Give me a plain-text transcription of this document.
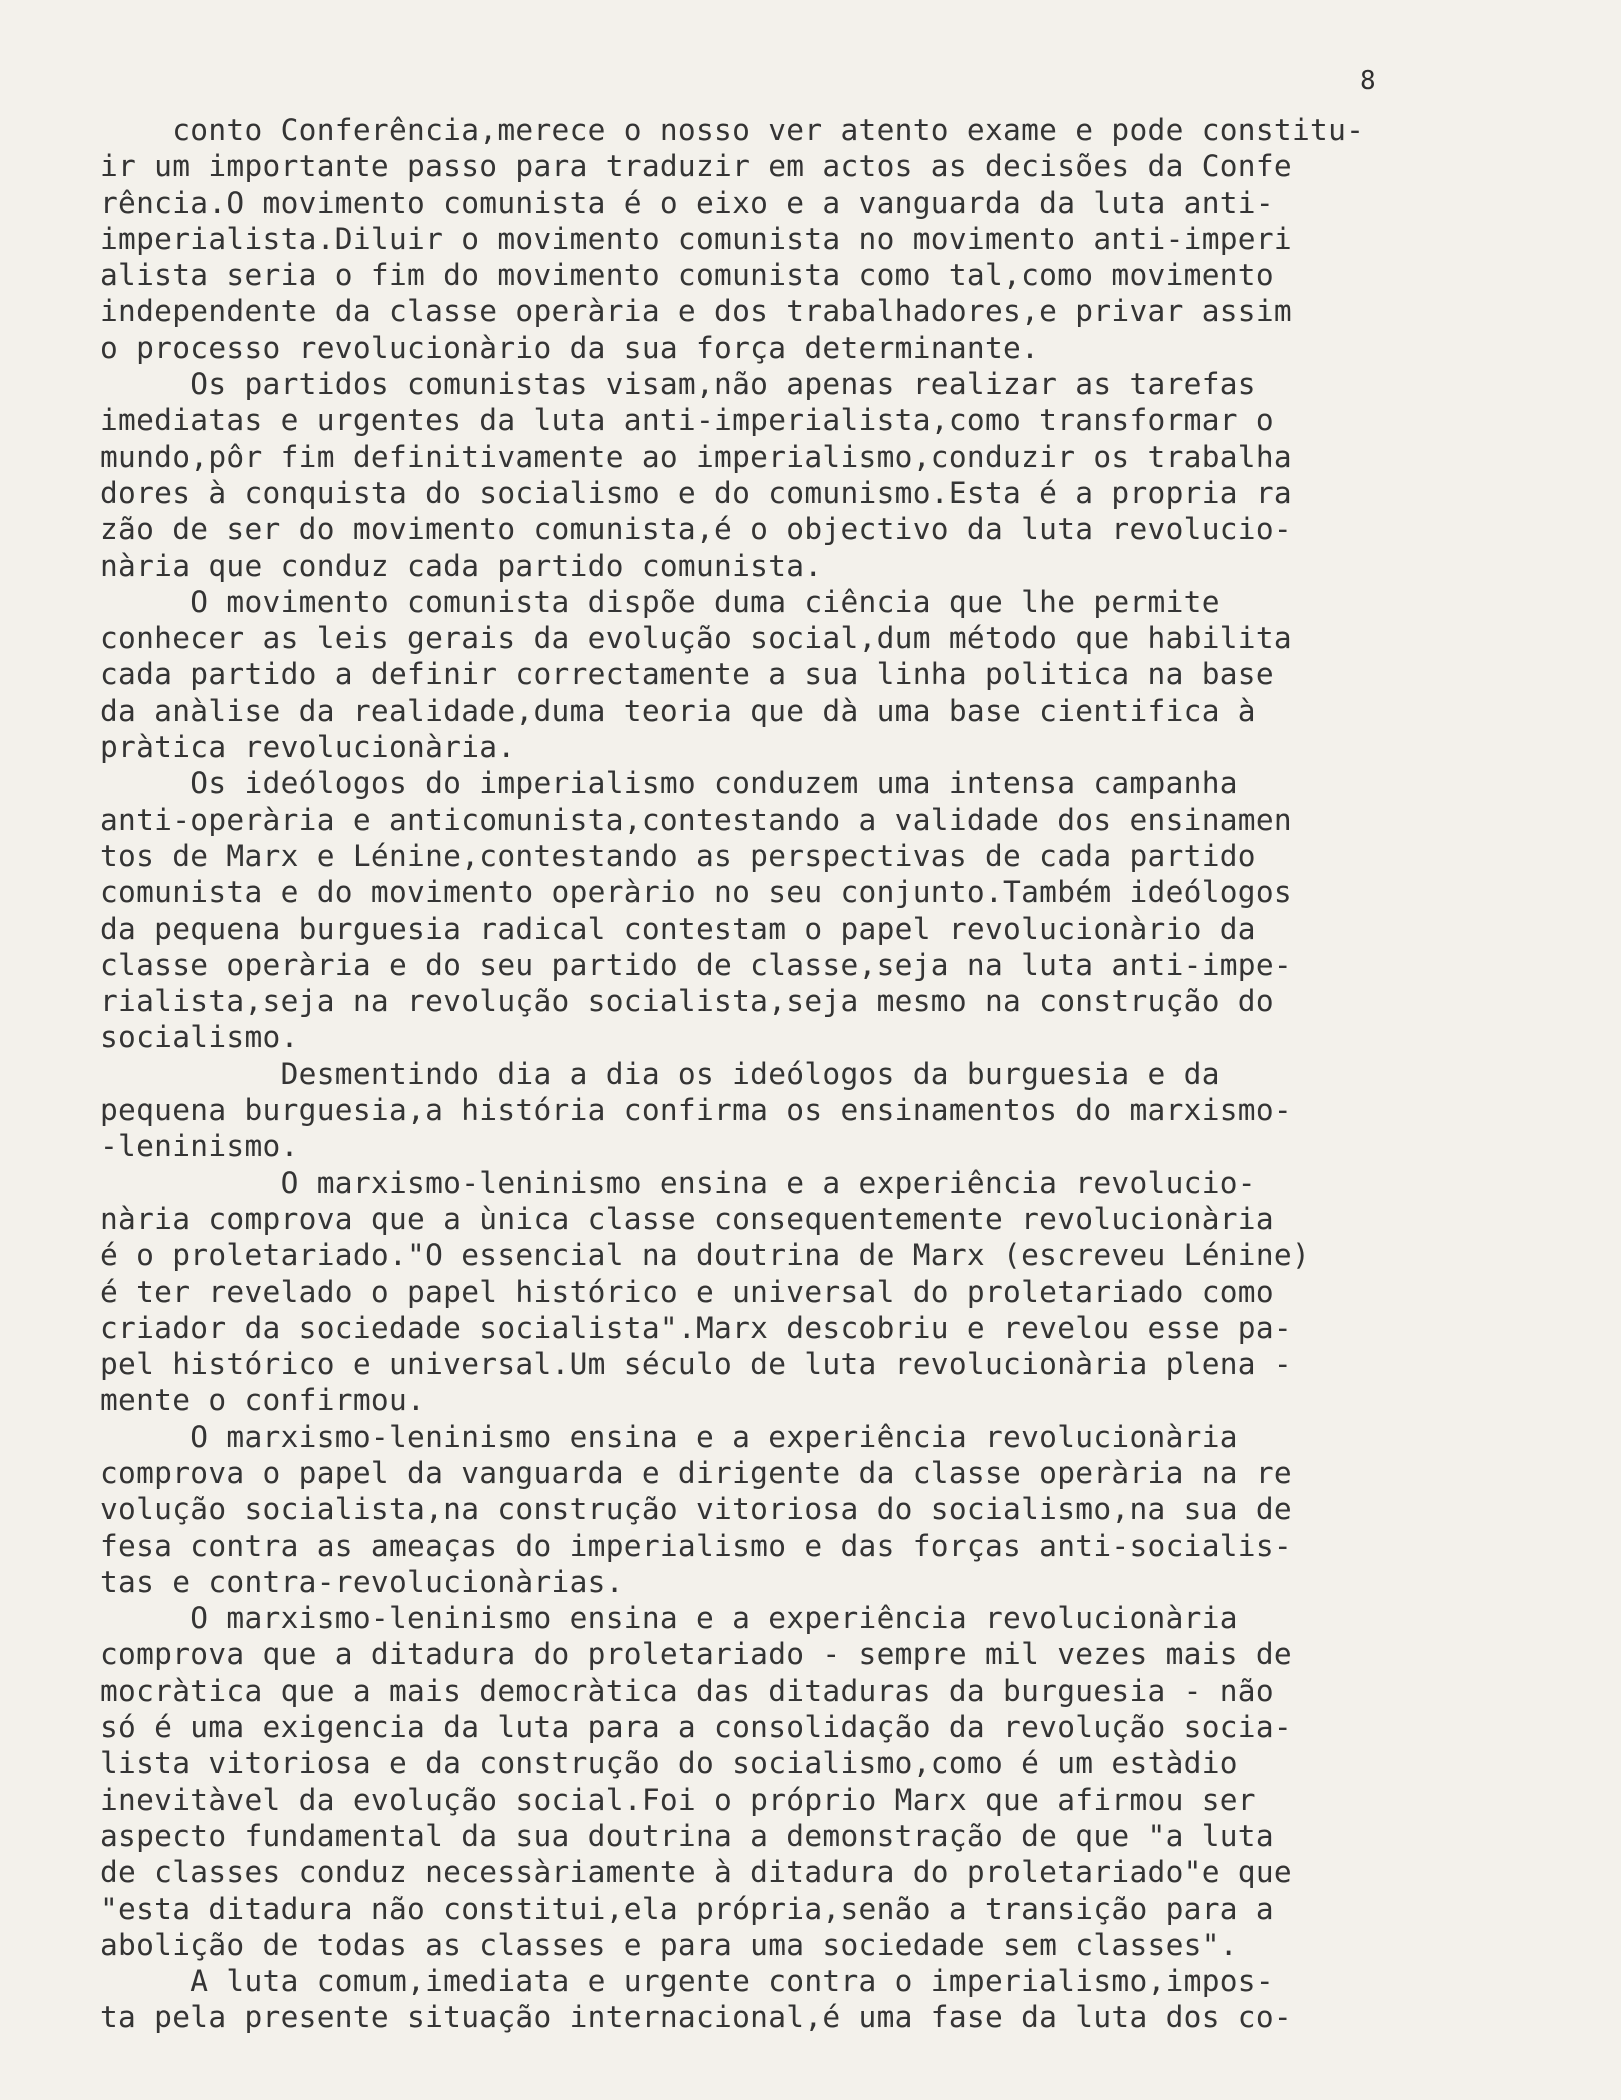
8
conto Conferência,merece o nosso ver atento exame e pode constitu-
ir um importante passo para traduzir em actos as decisões da Confe
rência.O movimento comunista é o eixo e a vanguarda da luta anti-
imperialista.Diluir o movimento comunista no movimento anti-imperi
alista seria o fim do movimento comunista como tal,como movimento
independente da classe operària e dos trabalhadores,e privar assim
o processo revolucionàrio da sua força determinante.
Os partidos comunistas visam,não apenas realizar as tarefas
imediatas e urgentes da luta anti-imperialista,como transformar o
mundo,pôr fim definitivamente ao imperialismo,conduzir os trabalha
dores à conquista do socialismo e do comunismo.Esta é a propria ra
zão de ser do movimento comunista,é o objectivo da luta revolucio-
nària que conduz cada partido comunista.
O movimento comunista dispõe duma ciência que lhe permite
conhecer as leis gerais da evolução social,dum método que habilita
cada partido a definir correctamente a sua linha politica na base
da anàlise da realidade,duma teoria que dà uma base cientifica à
pràtica revolucionària.
Os ideólogos do imperialismo conduzem uma intensa campanha
anti-operària e anticomunista,contestando a validade dos ensinamen
tos de Marx e Lénine,contestando as perspectivas de cada partido
comunista e do movimento operàrio no seu conjunto.Também ideólogos
da pequena burguesia radical contestam o papel revolucionàrio da
classe operària e do seu partido de classe,seja na luta anti-impe-
rialista,seja na revolução socialista,seja mesmo na construção do
socialismo.
Desmentindo dia a dia os ideólogos da burguesia e da
pequena burguesia,a história confirma os ensinamentos do marxismo-
-leninismo.
O marxismo-leninismo ensina e a experiência revolucio-
nària comprova que a ùnica classe consequentemente revolucionària
é o proletariado."O essencial na doutrina de Marx (escreveu Lénine)
é ter revelado o papel histórico e universal do proletariado como
criador da sociedade socialista".Marx descobriu e revelou esse pa-
pel histórico e universal.Um século de luta revolucionària plena -
mente o confirmou.
O marxismo-leninismo ensina e a experiência revolucionària
comprova o papel da vanguarda e dirigente da classe operària na re
volução socialista,na construção vitoriosa do socialismo,na sua de
fesa contra as ameaças do imperialismo e das forças anti-socialis-
tas e contra-revolucionàrias.
O marxismo-leninismo ensina e a experiência revolucionària
comprova que a ditadura do proletariado - sempre mil vezes mais de
mocràtica que a mais democràtica das ditaduras da burguesia - não
só é uma exigencia da luta para a consolidação da revolução socia-
lista vitoriosa e da construção do socialismo,como é um estàdio
inevitàvel da evolução social.Foi o próprio Marx que afirmou ser
aspecto fundamental da sua doutrina a demonstração de que "a luta
de classes conduz necessàriamente à ditadura do proletariado"e que
"esta ditadura não constitui,ela própria,senão a transição para a
abolição de todas as classes e para uma sociedade sem classes".
A luta comum,imediata e urgente contra o imperialismo,impos-
ta pela presente situação internacional,é uma fase da luta dos co-
